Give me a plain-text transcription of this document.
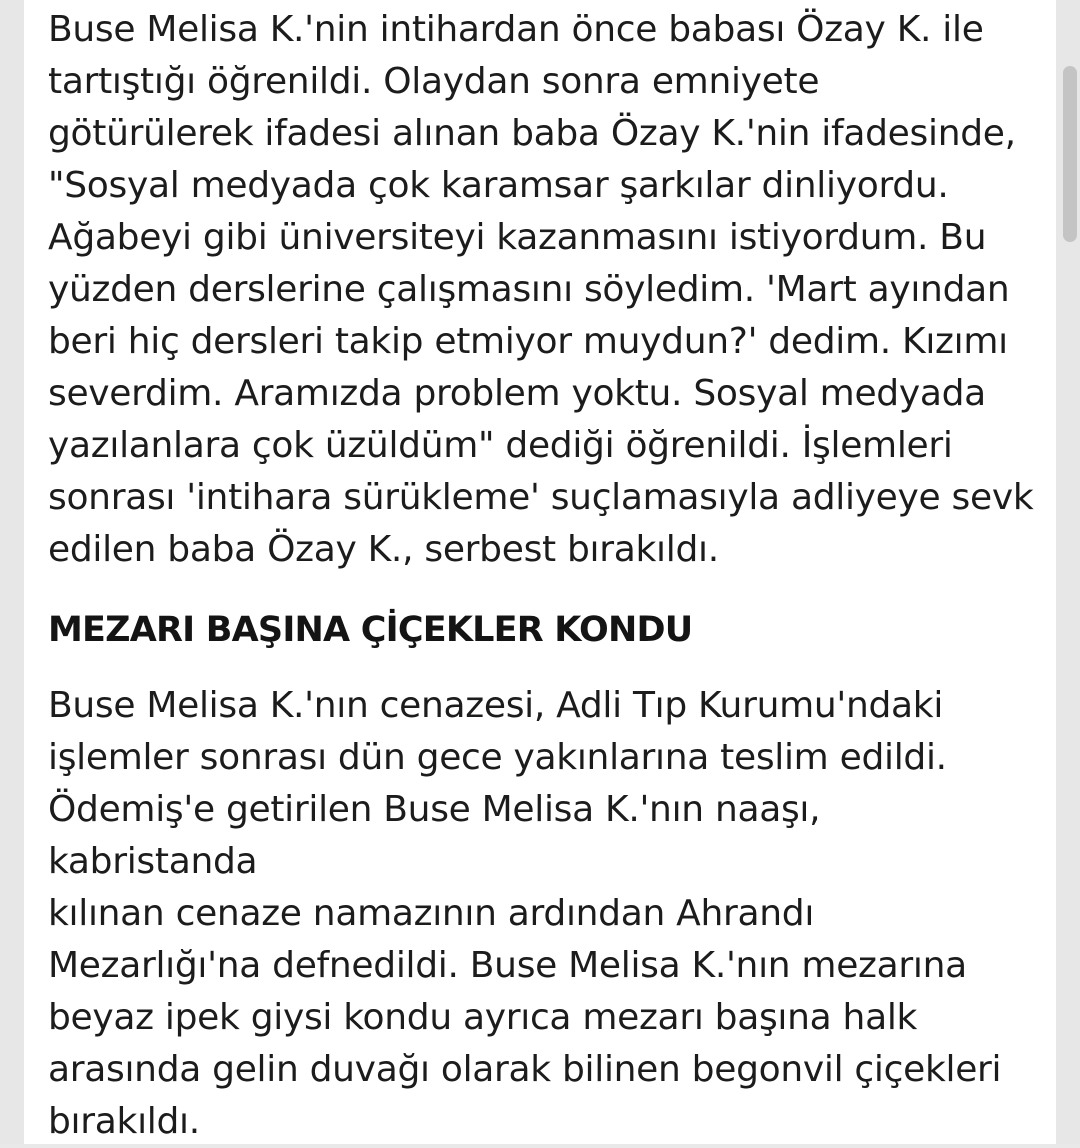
Buse Melisa K.'nin intihardan önce babası Özay K. ile
tartıştığı öğrenildi. Olaydan sonra emniyete
götürülerek ifadesi alınan baba Özay K.'nin ifadesinde,
"Sosyal medyada çok karamsar şarkılar dinliyordu.
Ağabeyi gibi üniversiteyi kazanmasını istiyordum. Bu
yüzden derslerine çalışmasını söyledim. 'Mart ayından
beri hiç dersleri takip etmiyor muydun?' dedim. Kızımı
severdim. Aramızda problem yoktu. Sosyal medyada
yazılanlara çok üzüldüm" dediği öğrenildi. İşlemleri
sonrası 'intihara sürükleme' suçlamasıyla adliyeye sevk
edilen baba Özay K., serbest bırakıldı.

MEZARI BAŞINA ÇİÇEKLER KONDU

Buse Melisa K.'nın cenazesi, Adli Tıp Kurumu'ndaki
işlemler sonrası dün gece yakınlarına teslim edildi.
Ödemiş'e getirilen Buse Melisa K.'nın naaşı, kabristanda
kılınan cenaze namazının ardından Ahrandı
Mezarlığı'na defnedildi. Buse Melisa K.'nın mezarına
beyaz ipek giysi kondu ayrıca mezarı başına halk
arasında gelin duvağı olarak bilinen begonvil çiçekleri
bırakıldı.
